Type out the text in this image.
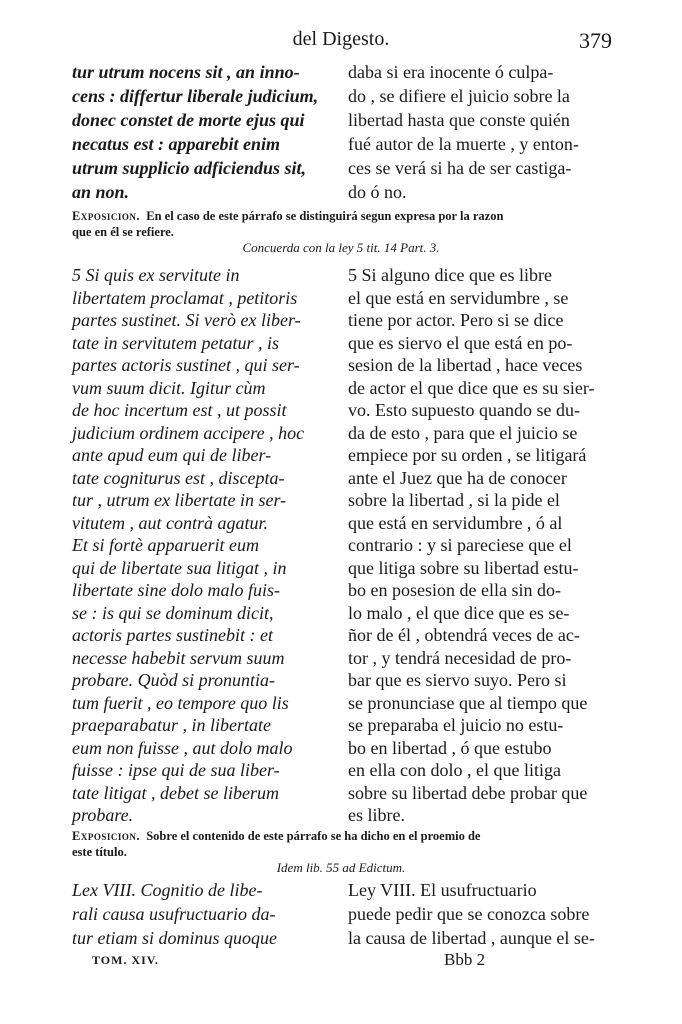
del Digesto.	379
tur utrum nocens sit , an inno-
cens : differtur liberale judicium,
donec constet de morte ejus qui
necatus est : apparebit enim
utrum supplicio adficiendus sit,
an non.
daba si era inocente ó culpa-
do , se difiere el juicio sobre la
libertad hasta que conste quién
fué autor de la muerte , y enton-
ces se verá si ha de ser castiga-
do ó no.
Exposicion. En el caso de este párrafo se distinguirá segun expresa por la razon
que en él se refiere.
Concuerda con la ley 5 tit. 14 Part. 3.
5 Si quis ex servitute in
libertatem proclamat , petitoris
partes sustinet. Si verò ex liber-
tate in servitutem petatur , is
partes actoris sustinet , qui ser-
vum suum dicit. Igitur cùm
de hoc incertum est , ut possit
judicium ordinem accipere , hoc
ante apud eum qui de liber-
tate cogniturus est , discepta-
tur , utrum ex libertate in ser-
vitutem , aut contrà agatur.
Et si fortè apparuerit eum
qui de libertate sua litigat , in
libertate sine dolo malo fuis-
se : is qui se dominum dicit,
actoris partes sustinebit : et
necesse habebit servum suum
probare. Quòd si pronuntia-
tum fuerit , eo tempore quo lis
praeparabatur , in libertate
eum non fuisse , aut dolo malo
fuisse : ipse qui de sua liber-
tate litigat , debet se liberum
probare.
5 Si alguno dice que es libre
el que está en servidumbre , se
tiene por actor. Pero si se dice
que es siervo el que está en po-
sesion de la libertad , hace veces
de actor el que dice que es su sier-
vo. Esto supuesto quando se du-
da de esto , para que el juicio se
empiece por su orden , se litigará
ante el Juez que ha de conocer
sobre la libertad , si la pide el
que está en servidumbre , ó al
contrario : y si pareciese que el
que litiga sobre su libertad estu-
bo en posesion de ella sin do-
lo malo , el que dice que es se-
ñor de él , obtendrá veces de ac-
tor , y tendrá necesidad de pro-
bar que es siervo suyo. Pero si
se pronunciase que al tiempo que
se preparaba el juicio no estu-
bo en libertad , ó que estubo
en ella con dolo , el que litiga
sobre su libertad debe probar que
es libre.
Exposicion. Sobre el contenido de este párrafo se ha dicho en el proemio de
este título.
Idem lib. 55 ad Edictum.
Lex VIII. Cognitio de libe-
rali causa usufructuario da-
tur etiam si dominus quoque
Ley VIII. El usufructuario
puede pedir que se conozca sobre
la causa de libertad , aunque el se-
TOM. XIV.	Bbb 2
